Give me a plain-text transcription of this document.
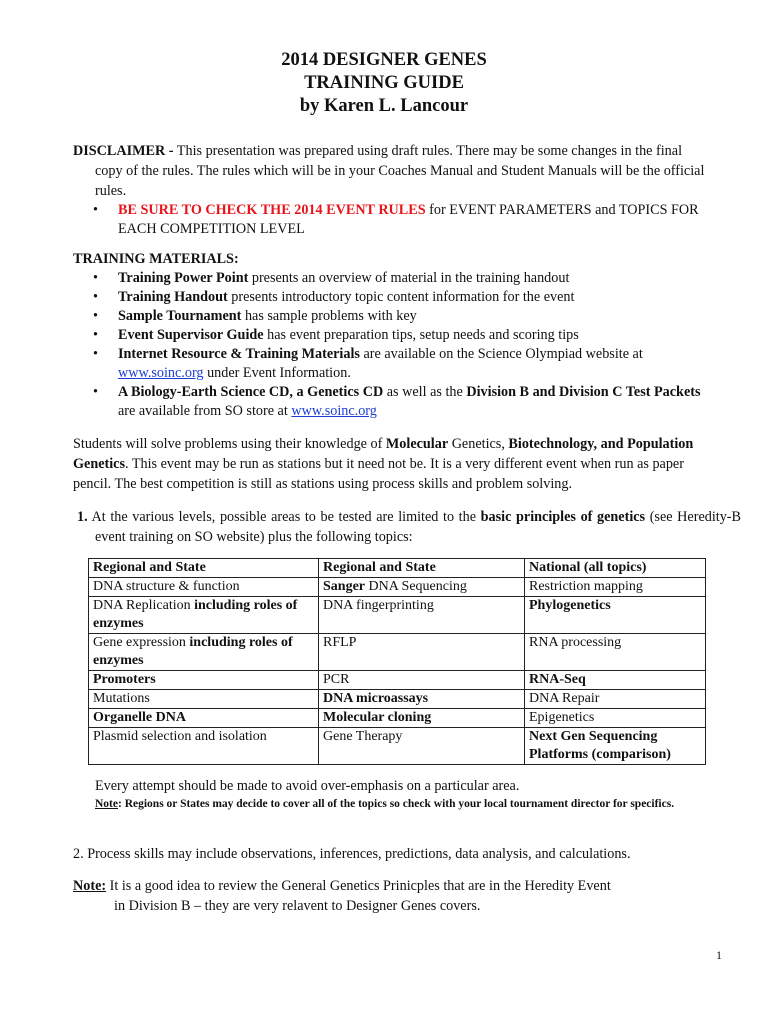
2014 DESIGNER GENES
TRAINING GUIDE
by Karen L. Lancour

DISCLAIMER - This presentation was prepared using draft rules. There may be some changes in the final copy of the rules. The rules which will be in your Coaches Manual and Student Manuals will be the official rules.

• BE SURE TO CHECK THE 2014 EVENT RULES for EVENT PARAMETERS and TOPICS FOR EACH COMPETITION LEVEL

TRAINING MATERIALS:

• Training Power Point presents an overview of material in the training handout
• Training Handout presents introductory topic content information for the event
• Sample Tournament has sample problems with key
• Event Supervisor Guide has event preparation tips, setup needs and scoring tips
• Internet Resource & Training Materials are available on the Science Olympiad website at www.soinc.org under Event Information.
• A Biology-Earth Science CD, a Genetics CD as well as the Division B and Division C Test Packets are available from SO store at www.soinc.org

Students will solve problems using their knowledge of Molecular Genetics, Biotechnology, and Population Genetics. This event may be run as stations but it need not be. It is a very different event when run as paper pencil. The best competition is still as stations using process skills and problem solving.

1. At the various levels, possible areas to be tested are limited to the basic principles of genetics (see Heredity-B event training on SO website) plus the following topics:

Regional and State	Regional and State	National (all topics)
DNA structure & function	Sanger DNA Sequencing	Restriction mapping
DNA Replication including roles of enzymes	DNA fingerprinting	Phylogenetics
Gene expression including roles of enzymes	RFLP	RNA processing
Promoters	PCR	RNA-Seq
Mutations	DNA microassays	DNA Repair
Organelle DNA	Molecular cloning	Epigenetics
Plasmid selection and isolation	Gene Therapy	Next Gen Sequencing Platforms (comparison)

Every attempt should be made to avoid over-emphasis on a particular area.

Note: Regions or States may decide to cover all of the topics so check with your local tournament director for specifics.

2. Process skills may include observations, inferences, predictions, data analysis, and calculations.

Note: It is a good idea to review the General Genetics Prinicples that are in the Heredity Event

in Division B – they are very relavent to Designer Genes covers.

1
